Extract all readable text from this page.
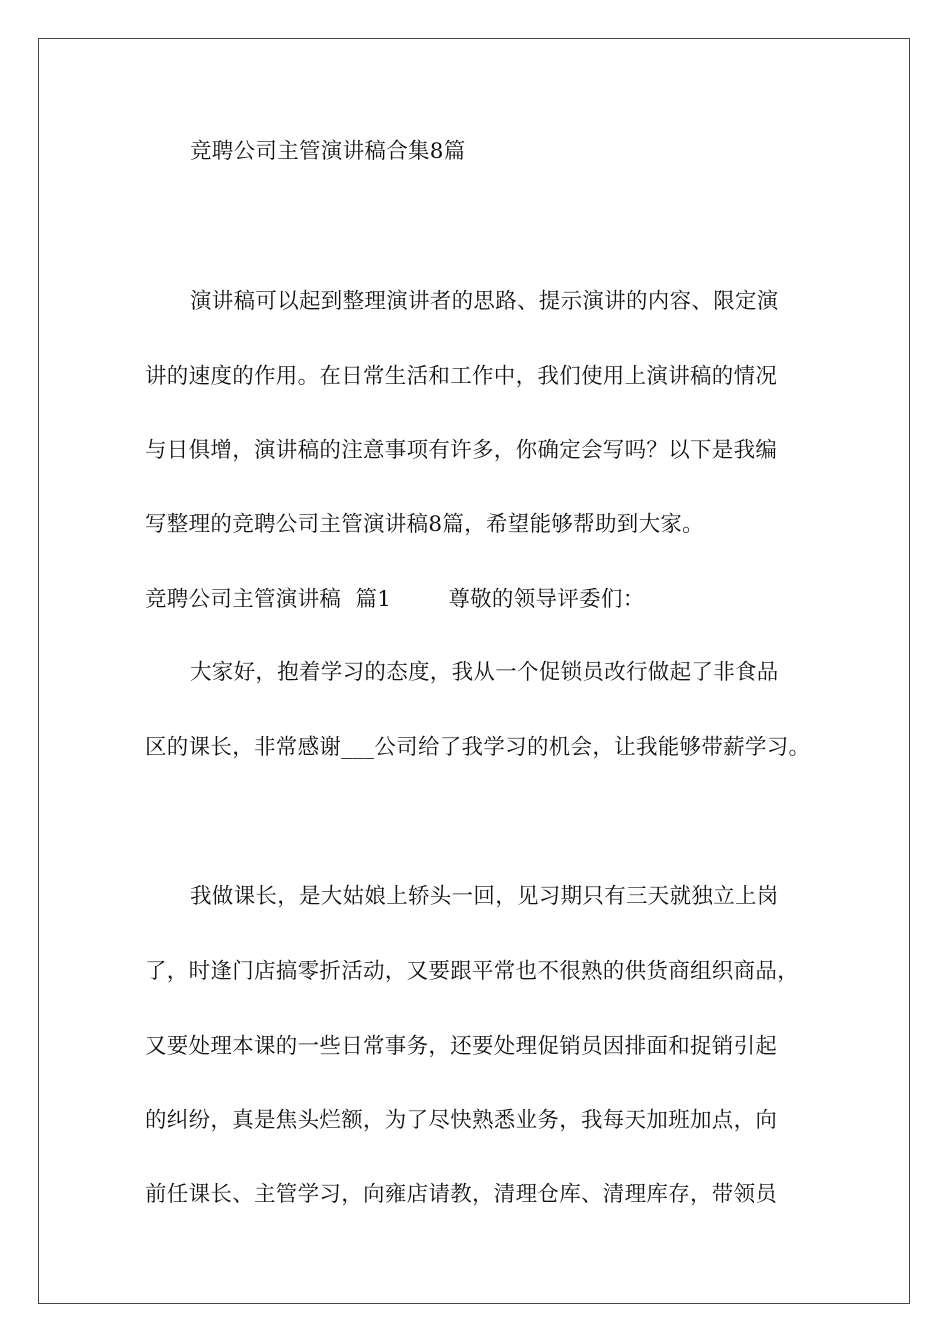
竞聘公司主管演讲稿合集8篇
演讲稿可以起到整理演讲者的思路、提示演讲的内容、限定演
讲的速度的作用。在日常生活和工作中，我们使用上演讲稿的情况
与日俱增，演讲稿的注意事项有许多，你确定会写吗？以下是我编
写整理的竞聘公司主管演讲稿8篇，希望能够帮助到大家。
竞聘公司主管演讲稿  篇1        尊敬的领导评委们：
大家好，抱着学习的态度，我从一个促锁员改行做起了非食品
区的课长，非常感谢___公司给了我学习的机会，让我能够带薪学习。
我做课长，是大姑娘上轿头一回，见习期只有三天就独立上岗
了，时逢门店搞零折活动，又要跟平常也不很熟的供货商组织商品，
又要处理本课的一些日常事务，还要处理促销员因排面和捉销引起
的纠纷，真是焦头烂额，为了尽快熟悉业务，我每天加班加点，向
前任课长、主管学习，向雍店请教，清理仓库、清理库存，带领员
